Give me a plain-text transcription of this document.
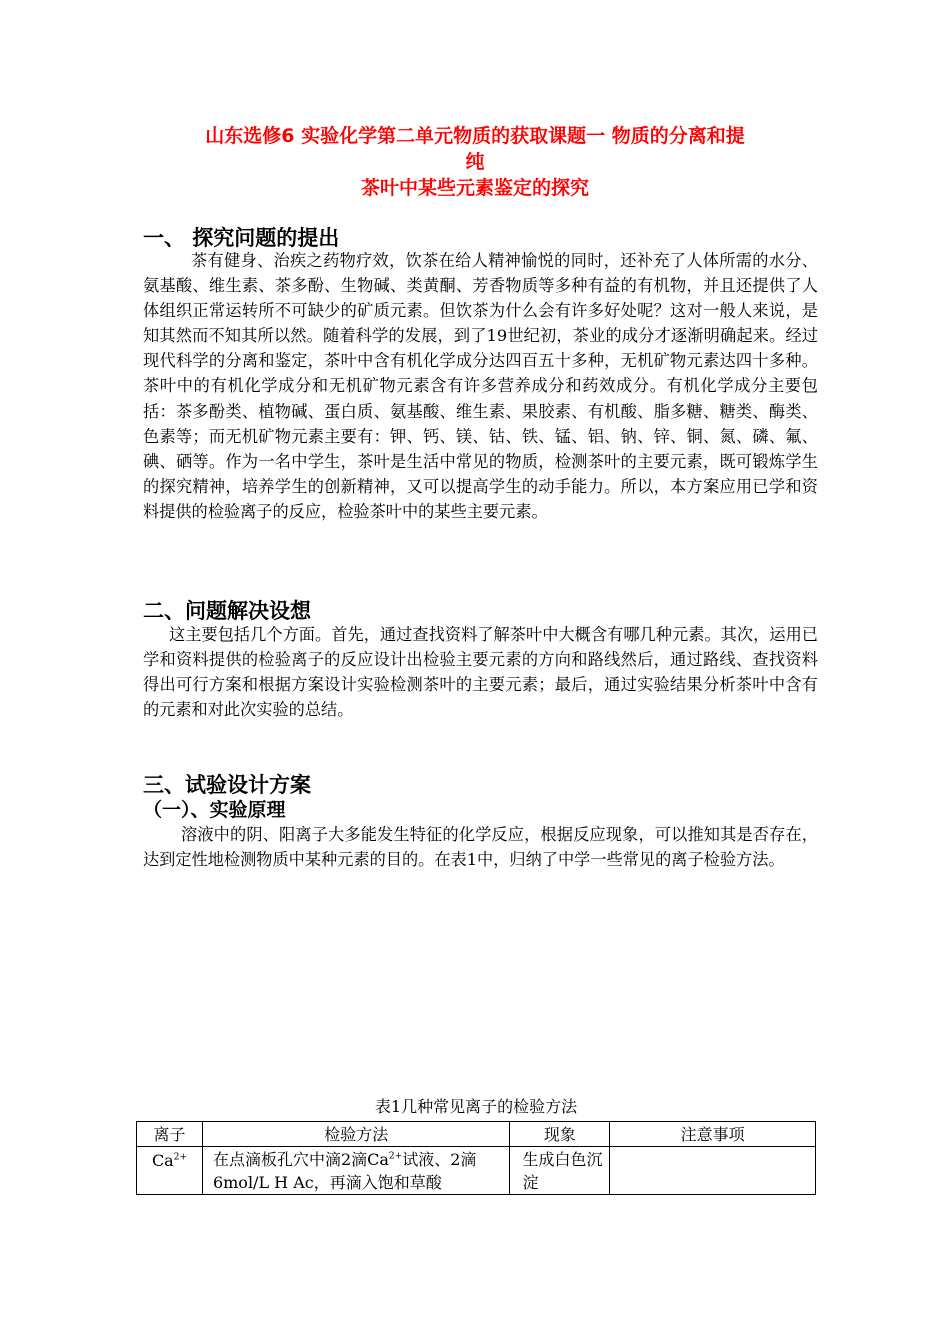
山东选修6 实验化学第二单元物质的获取课题一 物质的分离和提
纯
茶叶中某些元素鉴定的探究
一、 探究问题的提出
茶有健身、治疾之药物疗效，饮茶在给人精神愉悦的同时，还补充了人体所需的水分、氨基酸、维生素、茶多酚、生物碱、类黄酮、芳香物质等多种有益的有机物，并且还提供了人体组织正常运转所不可缺少的矿质元素。但饮茶为什么会有许多好处呢？这对一般人来说，是知其然而不知其所以然。随着科学的发展，到了19世纪初，茶业的成分才逐渐明确起来。经过现代科学的分离和鉴定，茶叶中含有机化学成分达四百五十多种，无机矿物元素达四十多种。茶叶中的有机化学成分和无机矿物元素含有许多营养成分和药效成分。有机化学成分主要包括：茶多酚类、植物碱、蛋白质、氨基酸、维生素、果胶素、有机酸、脂多糖、糖类、酶类、色素等；而无机矿物元素主要有：钾、钙、镁、钴、铁、锰、铝、钠、锌、铜、氮、磷、氟、碘、硒等。作为一名中学生，茶叶是生活中常见的物质，检测茶叶的主要元素，既可锻炼学生的探究精神，培养学生的创新精神，又可以提高学生的动手能力。所以，本方案应用已学和资料提供的检验离子的反应，检验茶叶中的某些主要元素。
二、问题解决设想
这主要包括几个方面。首先，通过查找资料了解茶叶中大概含有哪几种元素。其次，运用已学和资料提供的检验离子的反应设计出检验主要元素的方向和路线然后，通过路线、查找资料得出可行方案和根据方案设计实验检测茶叶的主要元素；最后，通过实验结果分析茶叶中含有的元素和对此次实验的总结。
三、试验设计方案
（一）、实验原理
溶液中的阴、阳离子大多能发生特征的化学反应，根据反应现象，可以推知其是否存在，达到定性地检测物质中某种元素的目的。在表1中，归纳了中学一些常见的离子检验方法。
表1几种常见离子的检验方法
离子	检验方法	现象	注意事项
$Ca^{2+}$	在点滴板孔穴中滴2滴$Ca^{2+}$试液、2滴6mol/L H Ac，再滴入饱和草酸	生成白色沉淀	
